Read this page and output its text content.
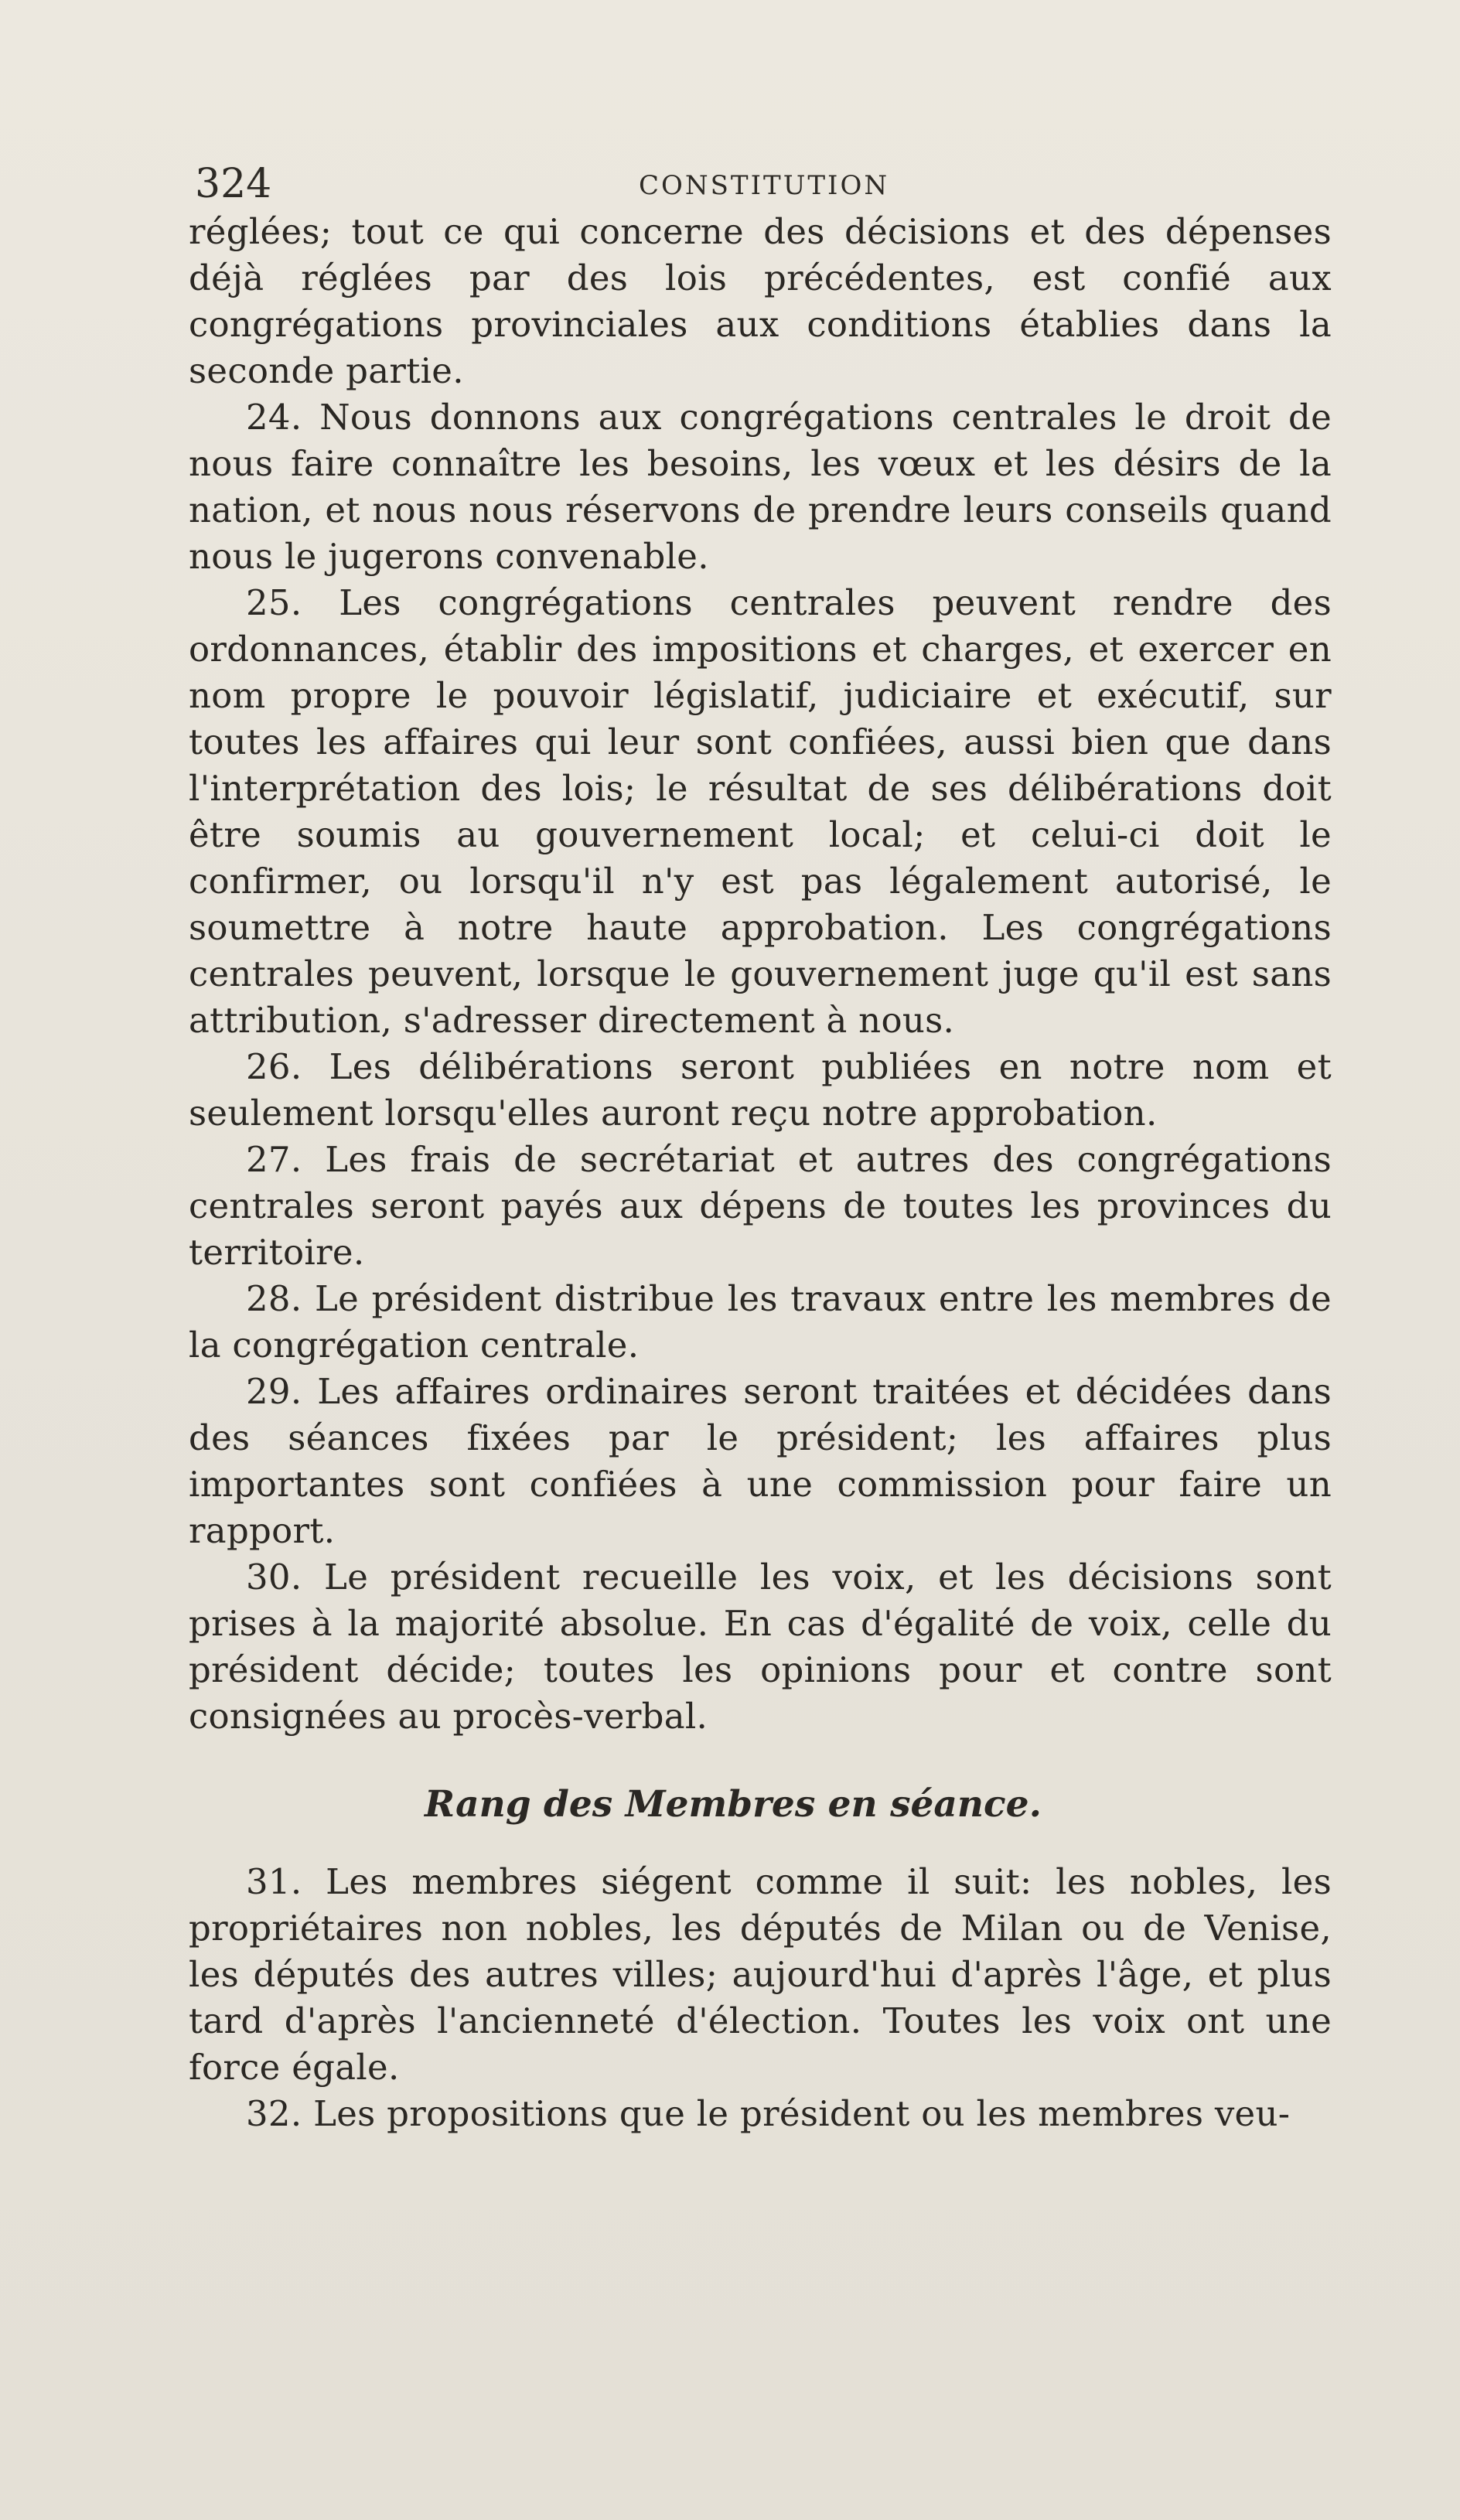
324	CONSTITUTION

réglées; tout ce qui concerne des décisions et des dépenses déjà réglées par des lois précédentes, est confié aux congrégations provinciales aux conditions établies dans la seconde partie.

24. Nous donnons aux congrégations centrales le droit de nous faire connaître les besoins, les vœux et les désirs de la nation, et nous nous réservons de prendre leurs conseils quand nous le jugerons convenable.

25. Les congrégations centrales peuvent rendre des ordonnances, établir des impositions et charges, et exercer en nom propre le pouvoir législatif, judiciaire et exécutif, sur toutes les affaires qui leur sont confiées, aussi bien que dans l'interprétation des lois; le résultat de ses délibérations doit être soumis au gouvernement local; et celui-ci doit le confirmer, ou lorsqu'il n'y est pas légalement autorisé, le soumettre à notre haute approbation. Les congrégations centrales peuvent, lorsque le gouvernement juge qu'il est sans attribution, s'adresser directement à nous.

26. Les délibérations seront publiées en notre nom et seulement lorsqu'elles auront reçu notre approbation.

27. Les frais de secrétariat et autres des congrégations centrales seront payés aux dépens de toutes les provinces du territoire.

28. Le président distribue les travaux entre les membres de la congrégation centrale.

29. Les affaires ordinaires seront traitées et décidées dans des séances fixées par le président; les affaires plus importantes sont confiées à une commission pour faire un rapport.

30. Le président recueille les voix, et les décisions sont prises à la majorité absolue. En cas d'égalité de voix, celle du président décide; toutes les opinions pour et contre sont consignées au procès-verbal.

Rang des Membres en séance.

31. Les membres siégent comme il suit: les nobles, les propriétaires non nobles, les députés de Milan ou de Venise, les députés des autres villes; aujourd'hui d'après l'âge, et plus tard d'après l'ancienneté d'élection. Toutes les voix ont une force égale.

32. Les propositions que le président ou les membres veu-
